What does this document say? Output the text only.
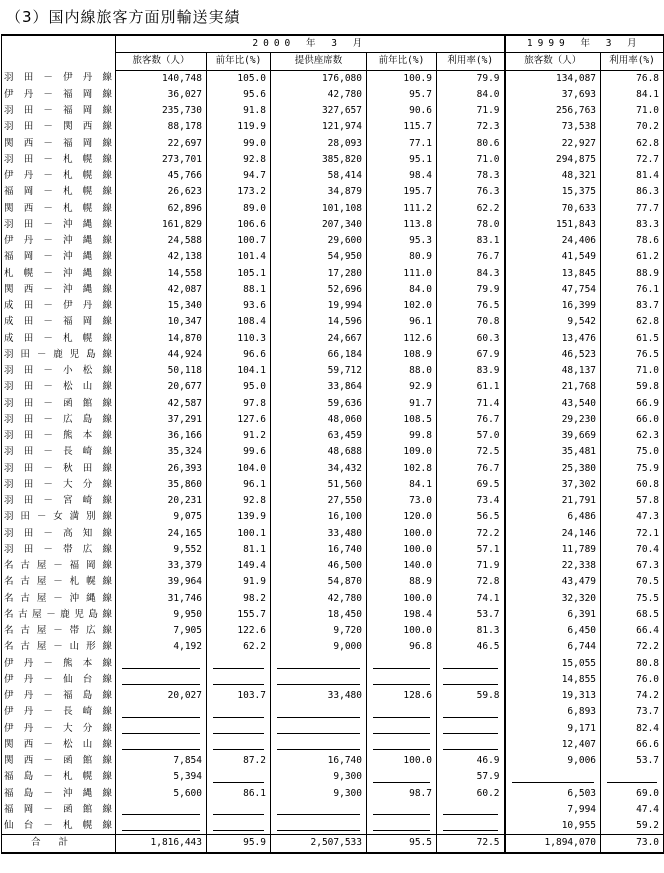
（3）国内線旅客方面別輸送実績
	2000 年 3 月					1999 年 3 月	
	旅客数（人）	前年比(%)	提供座席数	前年比(%)	利用率(%)	旅客数（人）	利用率(%)
羽田－伊丹線	140,748	105.0	176,080	100.9	79.9	134,087	76.8
伊丹－福岡線	36,027	95.6	42,780	95.7	84.0	37,693	84.1
羽田－福岡線	235,730	91.8	327,657	90.6	71.9	256,763	71.0
羽田－関西線	88,178	119.9	121,974	115.7	72.3	73,538	70.2
関西－福岡線	22,697	99.0	28,093	77.1	80.6	22,927	62.8
羽田－札幌線	273,701	92.8	385,820	95.1	71.0	294,875	72.7
伊丹－札幌線	45,766	94.7	58,414	98.4	78.3	48,321	81.4
福岡－札幌線	26,623	173.2	34,879	195.7	76.3	15,375	86.3
関西－札幌線	62,896	89.0	101,108	111.2	62.2	70,633	77.7
羽田－沖縄線	161,829	106.6	207,340	113.8	78.0	151,843	83.3
伊丹－沖縄線	24,588	100.7	29,600	95.3	83.1	24,406	78.6
福岡－沖縄線	42,138	101.4	54,950	80.9	76.7	41,549	61.2
札幌－沖縄線	14,558	105.1	17,280	111.0	84.3	13,845	88.9
関西－沖縄線	42,087	88.1	52,696	84.0	79.9	47,754	76.1
成田－伊丹線	15,340	93.6	19,994	102.0	76.5	16,399	83.7
成田－福岡線	10,347	108.4	14,596	96.1	70.8	9,542	62.8
成田－札幌線	14,870	110.3	24,667	112.6	60.3	13,476	61.5
羽田－鹿児島線	44,924	96.6	66,184	108.9	67.9	46,523	76.5
羽田－小松線	50,118	104.1	59,712	88.0	83.9	48,137	71.0
羽田－松山線	20,677	95.0	33,864	92.9	61.1	21,768	59.8
羽田－函館線	42,587	97.8	59,636	91.7	71.4	43,540	66.9
羽田－広島線	37,291	127.6	48,060	108.5	76.7	29,230	66.0
羽田－熊本線	36,166	91.2	63,459	99.8	57.0	39,669	62.3
羽田－長崎線	35,324	99.6	48,688	109.0	72.5	35,481	75.0
羽田－秋田線	26,393	104.0	34,432	102.8	76.7	25,380	75.9
羽田－大分線	35,860	96.1	51,560	84.1	69.5	37,302	60.8
羽田－宮崎線	20,231	92.8	27,550	73.0	73.4	21,791	57.8
羽田－女満別線	9,075	139.9	16,100	120.0	56.5	6,486	47.3
羽田－高知線	24,165	100.1	33,480	100.0	72.2	24,146	72.1
羽田－帯広線	9,552	81.1	16,740	100.0	57.1	11,789	70.4
名古屋－福岡線	33,379	149.4	46,500	140.0	71.9	22,338	67.3
名古屋－札幌線	39,964	91.9	54,870	88.9	72.8	43,479	70.5
名古屋－沖縄線	31,746	98.2	42,780	100.0	74.1	32,320	75.5
名古屋－鹿児島線	9,950	155.7	18,450	198.4	53.7	6,391	68.5
名古屋－帯広線	7,905	122.6	9,720	100.0	81.3	6,450	66.4
名古屋－山形線	4,192	62.2	9,000	96.8	46.5	6,744	72.2
伊丹－熊本線						15,055	80.8
伊丹－仙台線						14,855	76.0
伊丹－福島線	20,027	103.7	33,480	128.6	59.8	19,313	74.2
伊丹－長崎線						6,893	73.7
伊丹－大分線						9,171	82.4
関西－松山線						12,407	66.6
関西－函館線	7,854	87.2	16,740	100.0	46.9	9,006	53.7
福島－札幌線	5,394		9,300		57.9		
福島－沖縄線	5,600	86.1	9,300	98.7	60.2	6,503	69.0
福岡－函館線						7,994	47.4
仙台－札幌線						10,955	59.2
合計	1,816,443	95.9	2,507,533	95.5	72.5	1,894,070	73.0
